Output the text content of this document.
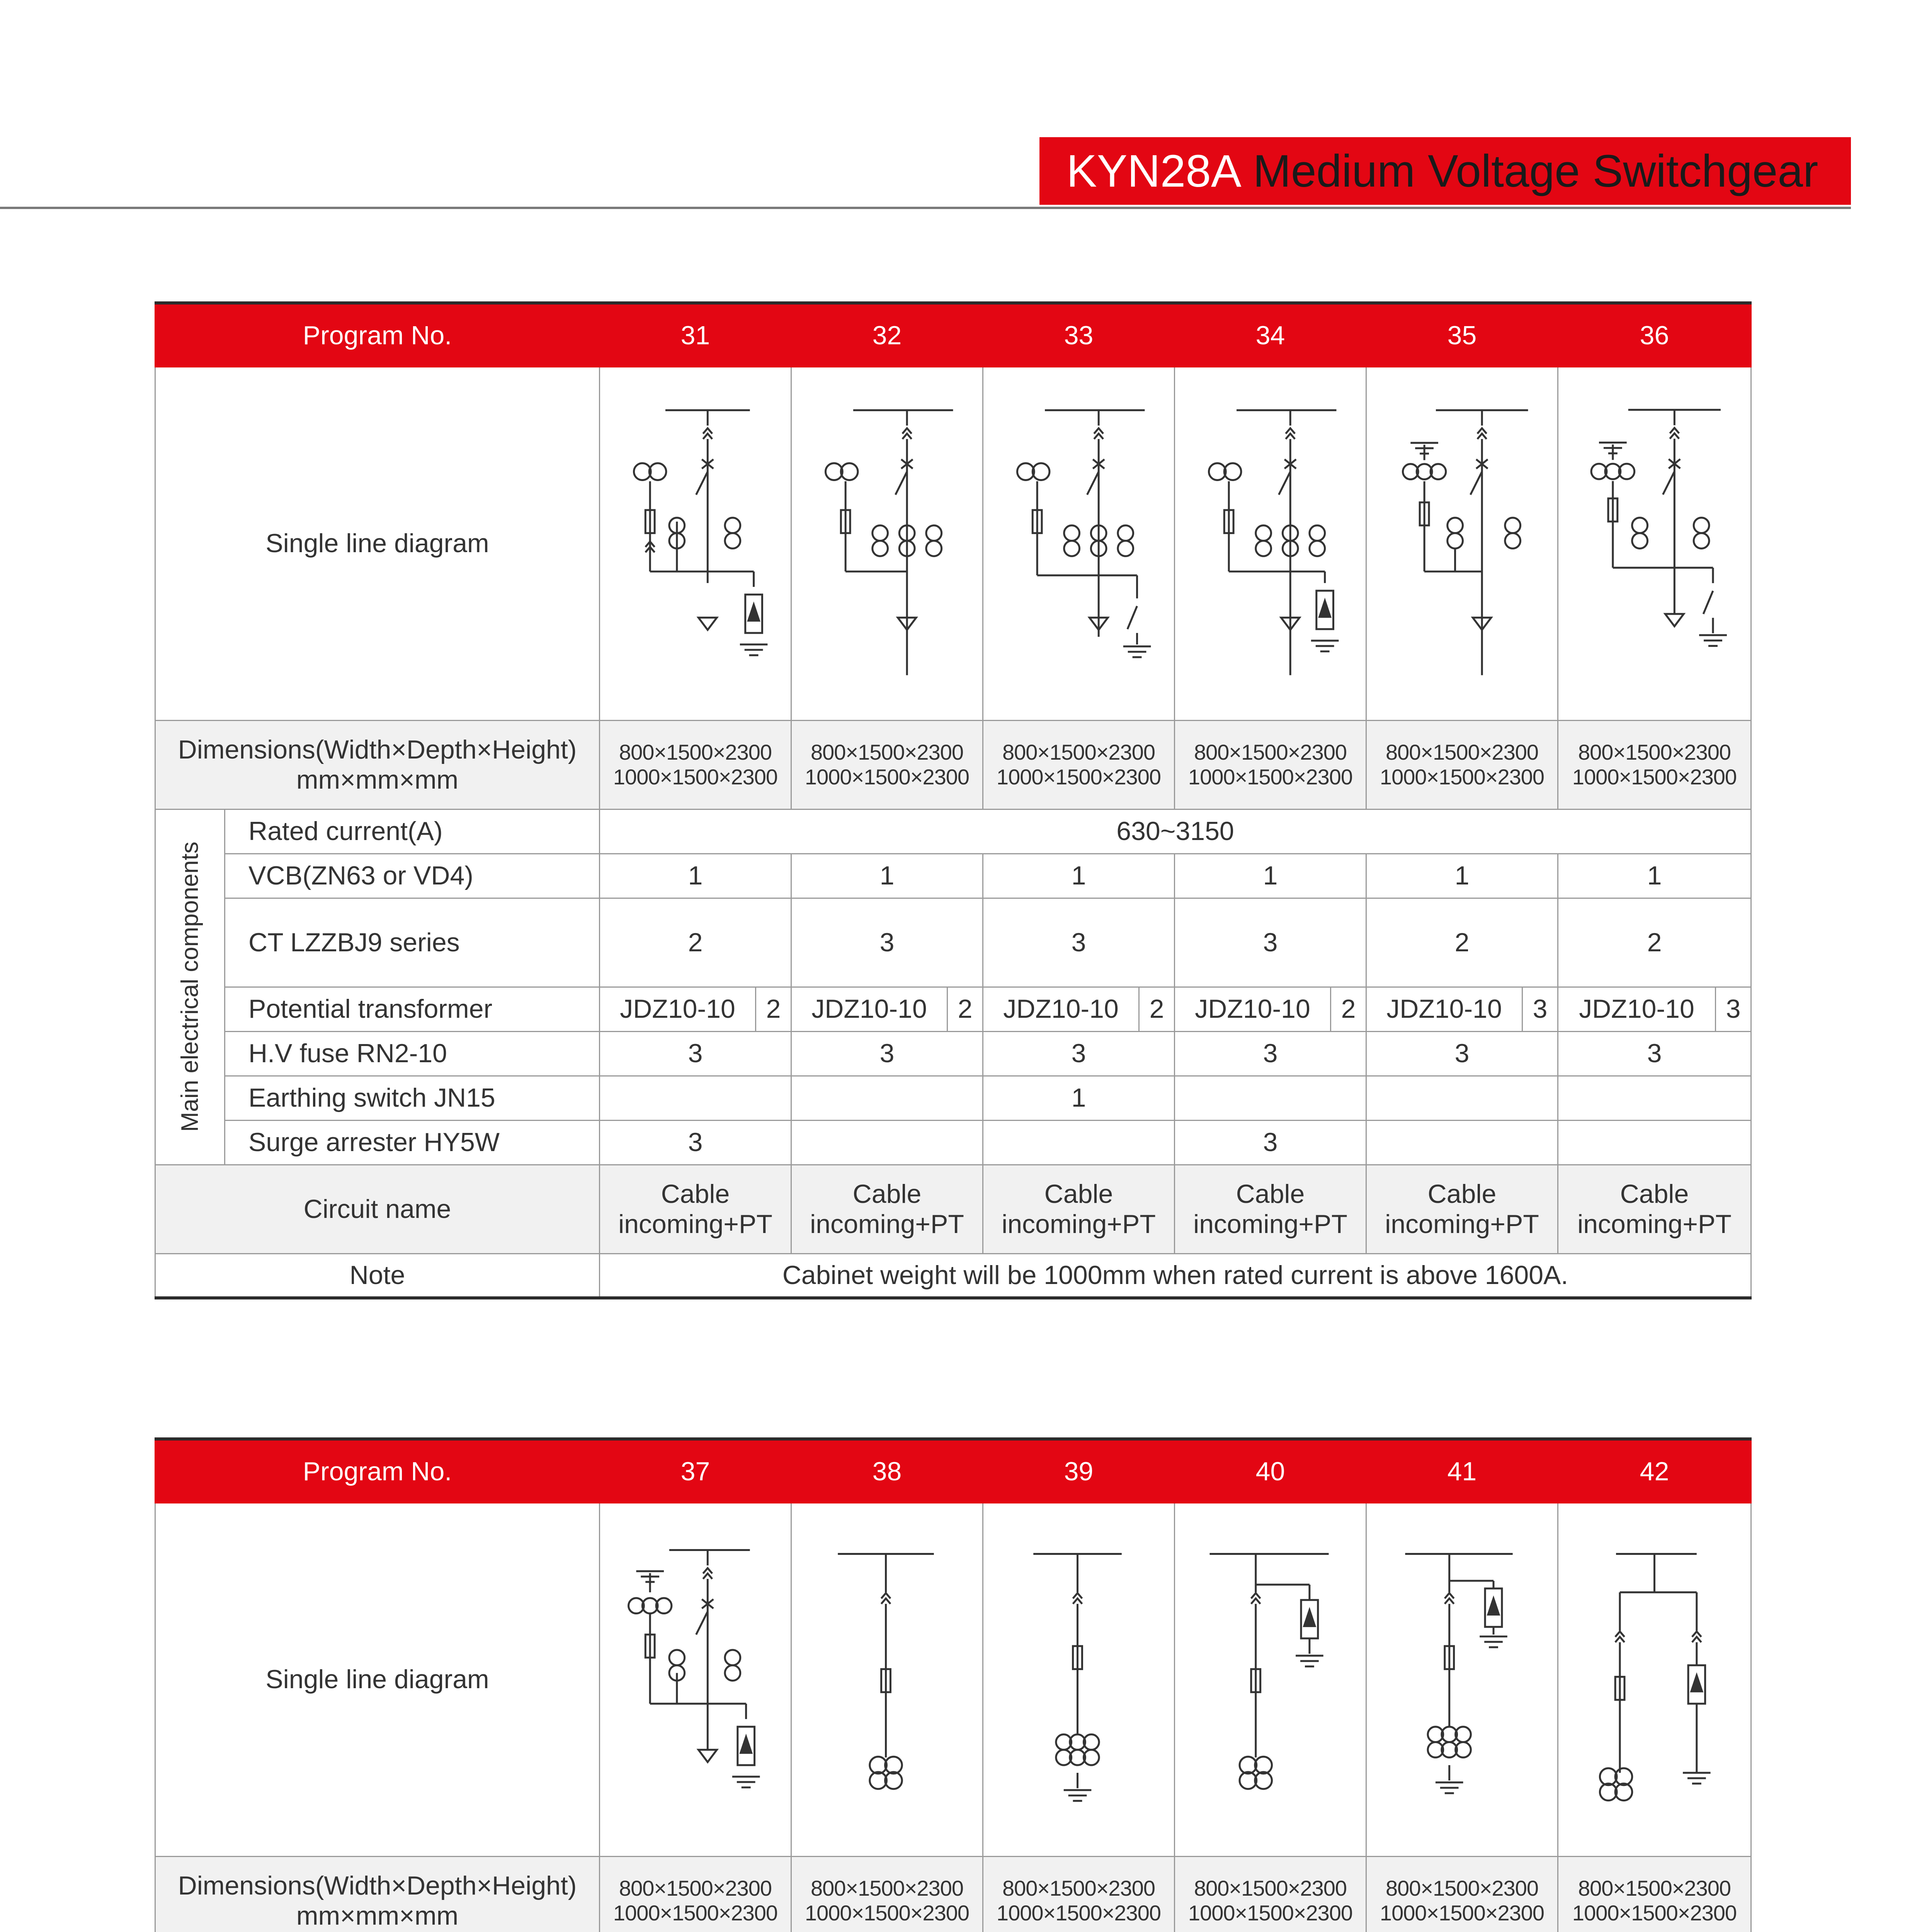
KYN28A Medium Voltage Switchgear
Program No.		31	32	33	34	35	36
Single line diagram	

Dimensions(Width×Depth×Height) mm×mm×mm		800×1500×2300 1000×1500×2300	800×1500×2300 1000×1500×2300	800×1500×2300 1000×1500×2300	800×1500×2300 1000×1500×2300	800×1500×2300 1000×1500×2300	800×1500×2300 1000×1500×2300

Main electrical components	Rated current(A)	630~3150					
	VCB(ZN63 or VD4)	1	1	1	1	1	1
	CT LZZBJ9 series	2	3	3	3	2	2
	Potential transformer	JDZ10-10 2	JDZ10-10 2	JDZ10-10 2	JDZ10-10 2	JDZ10-10 3	JDZ10-10 3

	H.V fuse RN2-10	3	3	3	3	3	3
	Earthing switch JN15			1			
	Surge arrester HY5W	3			3		
Circuit name		Cable incoming+PT	Cable incoming+PT	Cable incoming+PT	Cable incoming+PT	Cable incoming+PT	Cable incoming+PT
Note		Cabinet weight will be 1000mm when rated current is above 1600A.					
Program No.		37	38	39	40	41	42
Single line diagram	

Dimensions(Width×Depth×Height) mm×mm×mm		800×1500×2300 1000×1500×2300	800×1500×2300 1000×1500×2300	800×1500×2300 1000×1500×2300	800×1500×2300 1000×1500×2300	800×1500×2300 1000×1500×2300	800×1500×2300 1000×1500×2300
